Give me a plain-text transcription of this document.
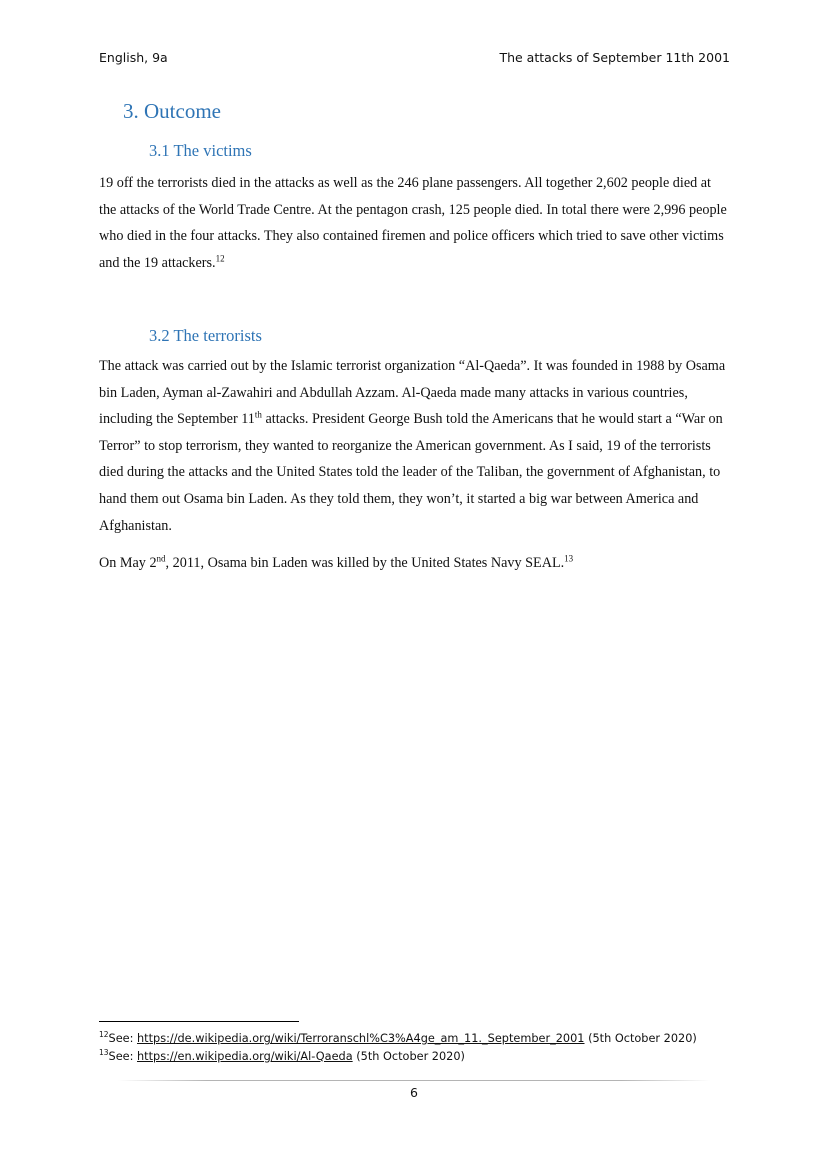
English, 9a	The attacks of September 11th 2001
3. Outcome
3.1 The victims

19 off the terrorists died in the attacks as well as the 246 plane passengers. All together 2,602 people died at the attacks of the World Trade Centre. At the pentagon crash, 125 people died. In total there were 2,996 people who died in the four attacks. They also contained firemen and police officers which tried to save other victims and the 19 attackers.$^{12}$

3.2 The terrorists

The attack was carried out by the Islamic terrorist organization “Al-Qaeda”. It was founded in 1988 by Osama bin Laden, Ayman al-Zawahiri and Abdullah Azzam. Al-Qaeda made many attacks in various countries, including the September 11th attacks. President George Bush told the Americans that he would start a “War on Terror” to stop terrorism, they wanted to reorganize the American government. As I said, 19 of the terrorists died during the attacks and the United States told the leader of the Taliban, the government of Afghanistan, to hand them out Osama bin Laden. As they told them, they won’t, it started a big war between America and Afghanistan.

On May 2nd, 2011, Osama bin Laden was killed by the United States Navy SEAL.$^{13}$

$^{12}$See: https://de.wikipedia.org/wiki/Terroranschl%C3%A4ge_am_11._September_2001 (5th October 2020)
$^{13}$See: https://en.wikipedia.org/wiki/Al-Qaeda (5th October 2020)
6
